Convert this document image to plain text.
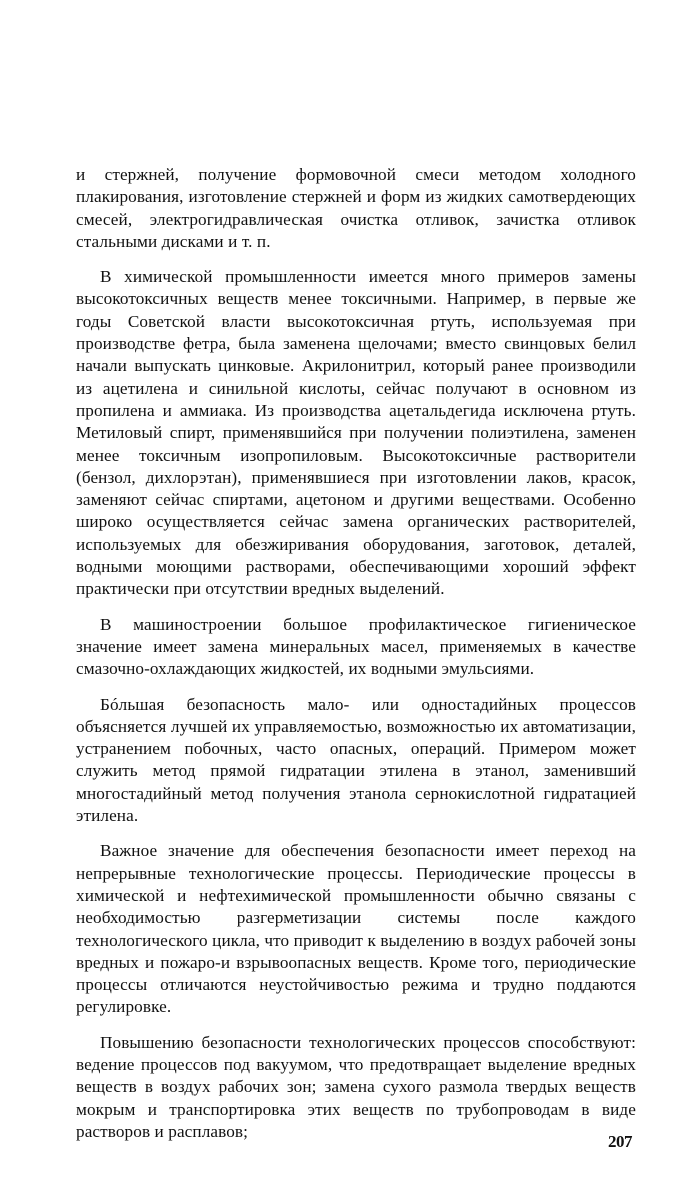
и стержней, получение формовочной смеси методом холодного плакирования, изготовление стержней и форм из жидких самотвердеющих смесей, электрогидравлическая очистка отливок, зачистка отливок стальными дисками и т. п.

В химической промышленности имеется много примеров замены высокотоксичных веществ менее токсичными. Например, в первые же годы Советской власти высокотоксичная ртуть, используемая при производстве фетра, была заменена щелочами; вместо свинцовых белил начали выпускать цинковые. Акрилонитрил, который ранее производили из ацетилена и синильной кислоты, сейчас получают в основном из пропилена и аммиака. Из производства ацетальдегида исключена ртуть. Метиловый спирт, применявшийся при получении полиэтилена, заменен менее токсичным изопропиловым. Высокотоксичные растворители (бензол, дихлорэтан), применявшиеся при изготовлении лаков, красок, заменяют сейчас спиртами, ацетоном и другими веществами. Особенно широко осуществляется сейчас замена органических растворителей, используемых для обезжиривания оборудования, заготовок, деталей, водными моющими растворами, обеспечивающими хороший эффект практически при отсутствии вредных выделений.

В машиностроении большое профилактическое гигиеническое значение имеет замена минеральных масел, применяемых в качестве смазочно-охлаждающих жидкостей, их водными эмульсиями.

Бóльшая безопасность мало- или одностадийных процессов объясняется лучшей их управляемостью, возможностью их автоматизации, устранением побочных, часто опасных, операций. Примером может служить метод прямой гидратации этилена в этанол, заменивший многостадийный метод получения этанола сернокислотной гидратацией этилена.

Важное значение для обеспечения безопасности имеет переход на непрерывные технологические процессы. Периодические процессы в химической и нефтехимической промышленности обычно связаны с необходимостью разгерметизации системы после каждого технологического цикла, что приводит к выделению в воздух рабочей зоны вредных и пожаро-и взрывоопасных веществ. Кроме того, периодические процессы отличаются неустойчивостью режима и трудно поддаются регулировке.

Повышению безопасности технологических процессов способствуют: ведение процессов под вакуумом, что предотвращает выделение вредных веществ в воздух рабочих зон; замена сухого размола твердых веществ мокрым и транспортировка этих веществ по трубопроводам в виде растворов и расплавов;

207
